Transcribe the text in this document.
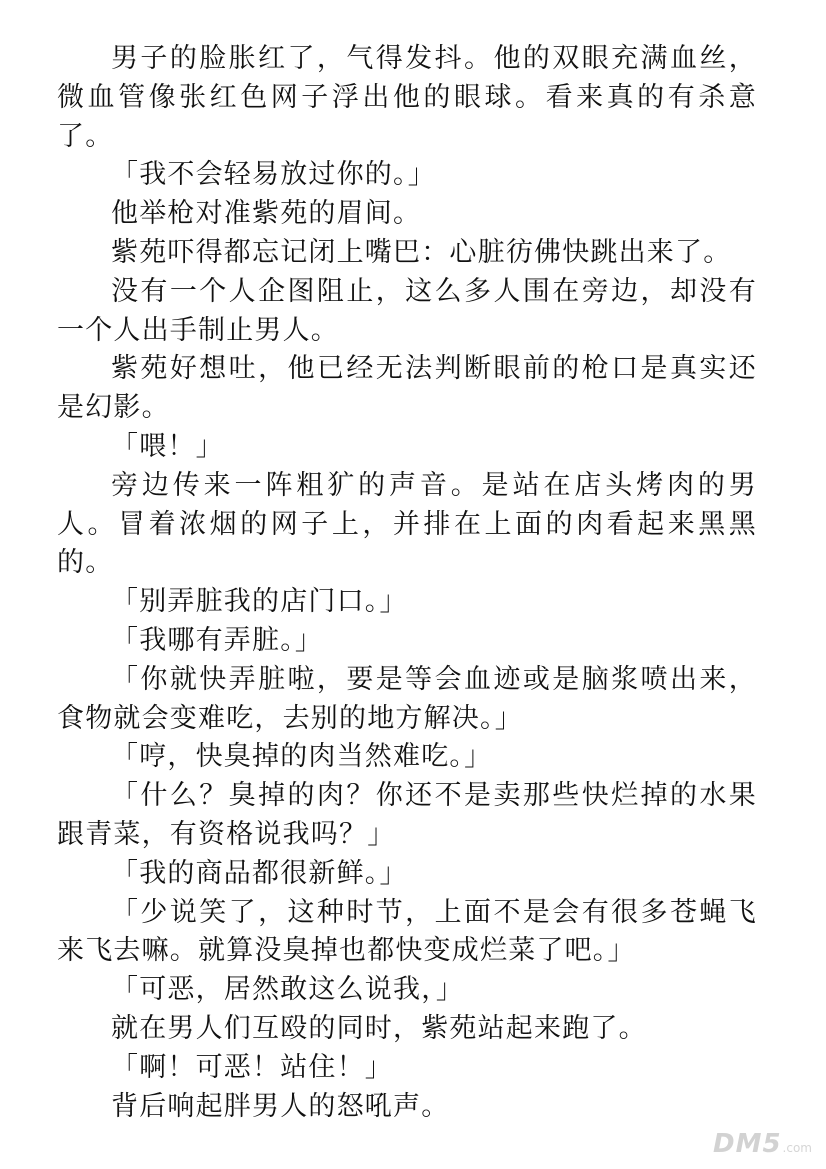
男子的脸胀红了，气得发抖。他的双眼充满血丝，微血管像张红色网子浮出他的眼球。看来真的有杀意了。

「我不会轻易放过你的。」

他举枪对准紫苑的眉间。

紫苑吓得都忘记闭上嘴巴：心脏彷佛快跳出来了。

没有一个人企图阻止，这么多人围在旁边，却没有一个人出手制止男人。

紫苑好想吐，他已经无法判断眼前的枪口是真实还是幻影。

「喂！」

旁边传来一阵粗犷的声音。是站在店头烤肉的男人。冒着浓烟的网子上，并排在上面的肉看起来黑黑的。

「别弄脏我的店门口。」

「我哪有弄脏。」

「你就快弄脏啦，要是等会血迹或是脑浆喷出来，食物就会变难吃，去别的地方解决。」

「哼，快臭掉的肉当然难吃。」

「什么？臭掉的肉？你还不是卖那些快烂掉的水果跟青菜，有资格说我吗？」

「我的商品都很新鲜。」

「少说笑了，这种时节，上面不是会有很多苍蝇飞来飞去嘛。就算没臭掉也都快变成烂菜了吧。」

「可恶，居然敢这么说我，」

就在男人们互殴的同时，紫苑站起来跑了。

「啊！可恶！站住！」

背后响起胖男人的怒吼声。

DM5 .com
